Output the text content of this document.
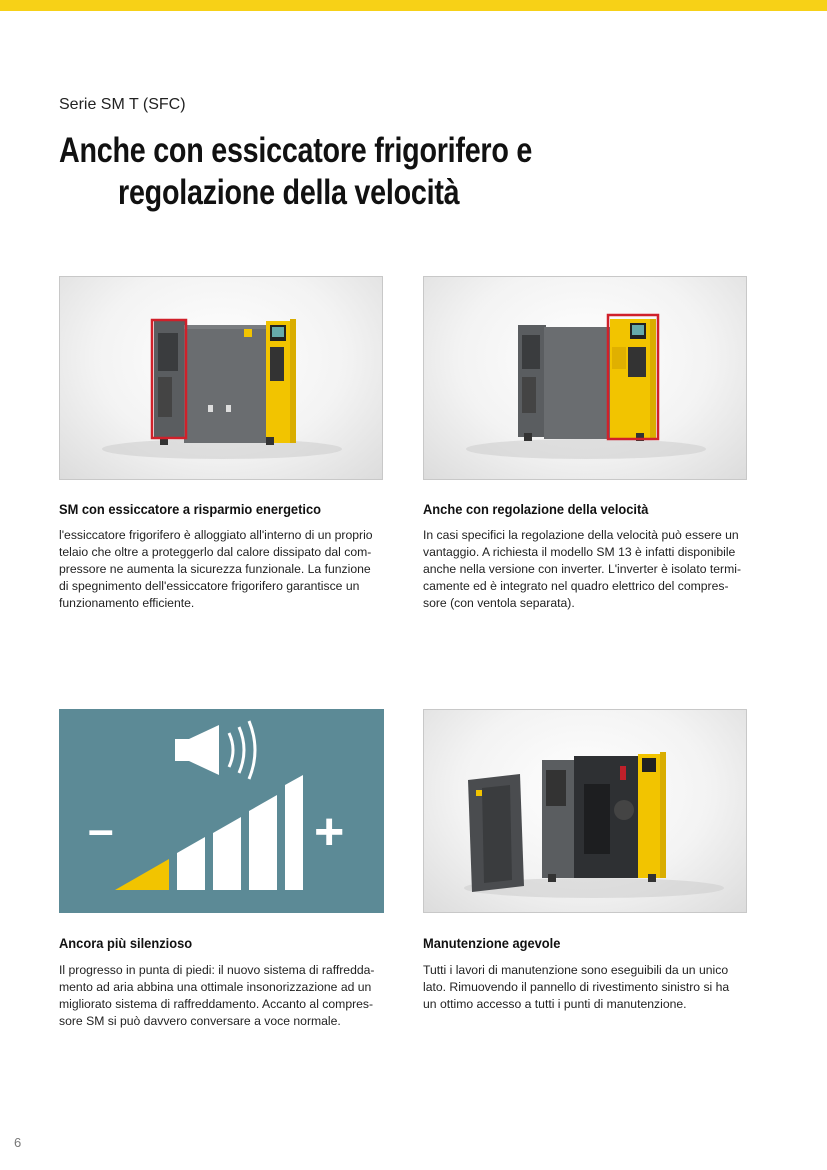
Serie SM T (SFC)
Anche con essiccatore frigorifero e
regolazione della velocità
SM con essiccatore a risparmio energetico
l'essiccatore frigorifero è alloggiato all'interno di un proprio
telaio che oltre a proteggerlo dal calore dissipato dal com-
pressore ne aumenta la sicurezza funzionale. La funzione
di spegnimento dell'essiccatore frigorifero garantisce un
funzionamento efficiente.
Anche con regolazione della velocità
In casi specifici la regolazione della velocità può essere un
vantaggio. A richiesta il modello SM 13 è infatti disponibile
anche nella versione con inverter. L'inverter è isolato termi-
camente ed è integrato nel quadro elettrico del compres-
sore (con ventola separata).
–	+
Ancora più silenzioso
Il progresso in punta di piedi: il nuovo sistema di raffredda-
mento ad aria abbina una ottimale insonorizzazione ad un
migliorato sistema di raffreddamento. Accanto al compres-
sore SM si può davvero conversare a voce normale.
Manutenzione agevole
Tutti i lavori di manutenzione sono eseguibili da un unico
lato. Rimuovendo il pannello di rivestimento sinistro si ha
un ottimo accesso a tutti i punti di manutenzione.
6
